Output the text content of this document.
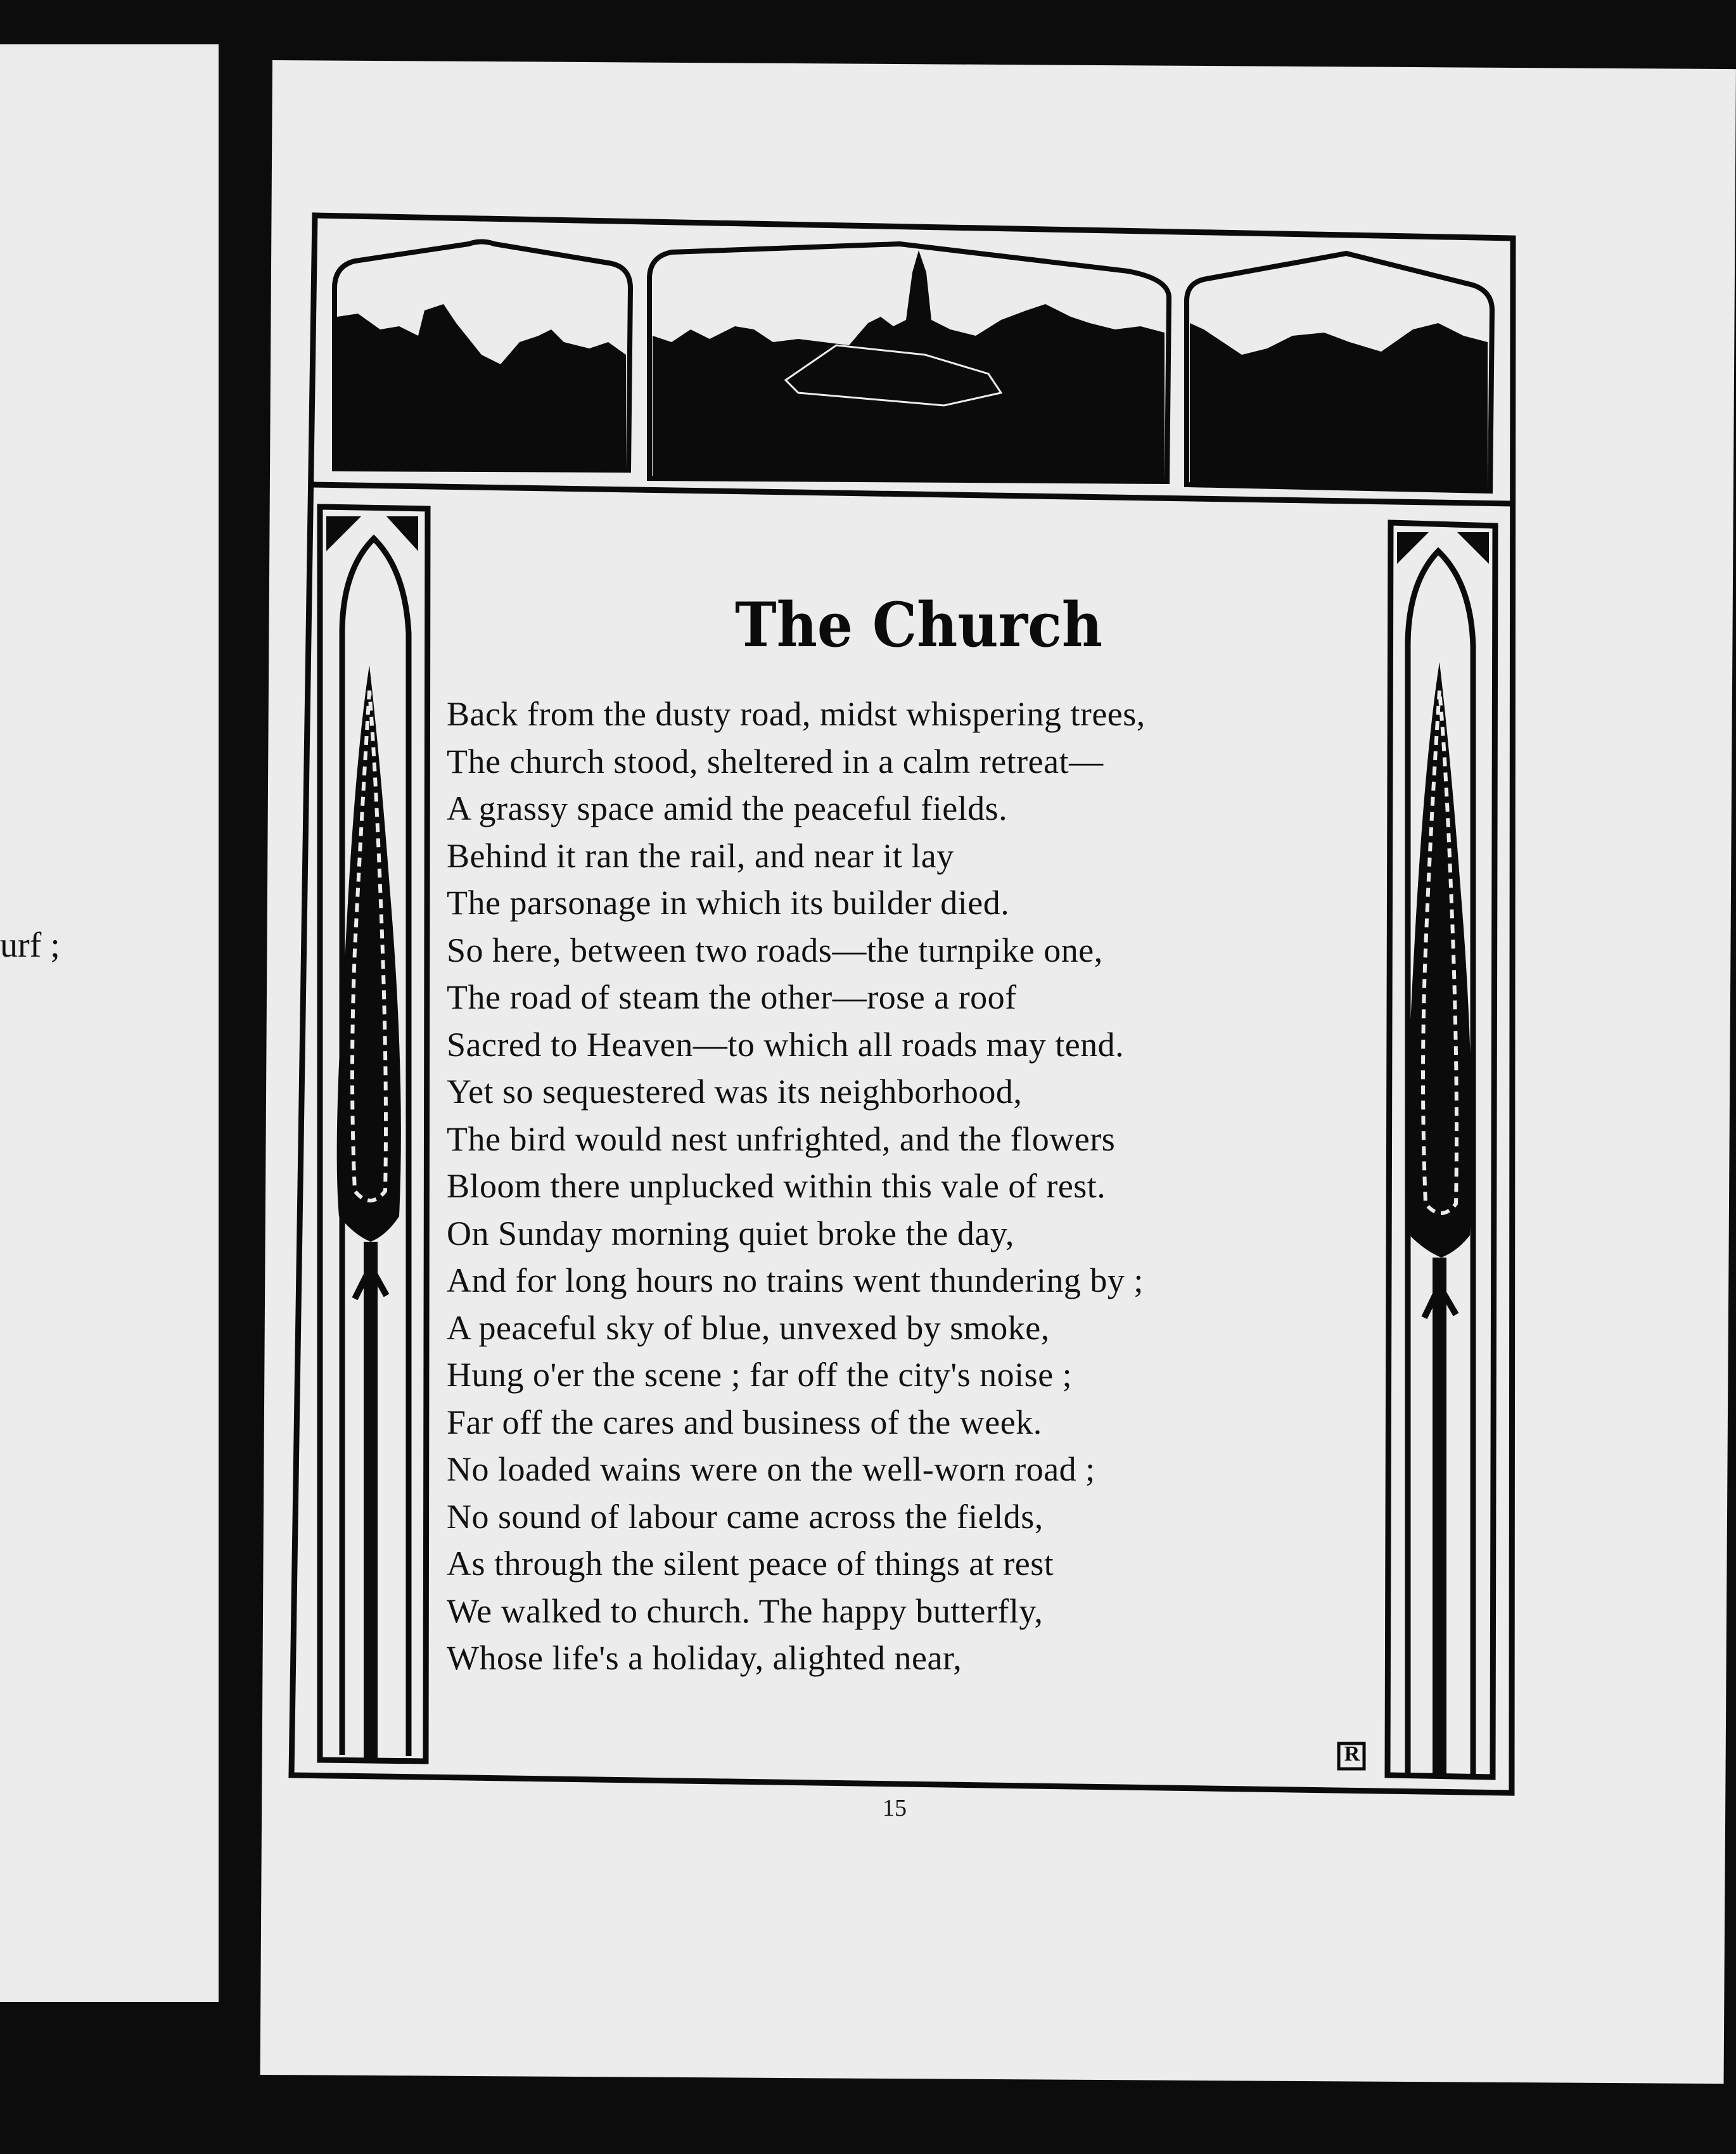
urf ;
R
The Church
Back from the dusty road, midst whispering trees,
The church stood, sheltered in a calm retreat—
A grassy space amid the peaceful fields.
Behind it ran the rail, and near it lay
The parsonage in which its builder died.
So here, between two roads—the turnpike one,
The road of steam the other—rose a roof
Sacred to Heaven—to which all roads may tend.
Yet so sequestered was its neighborhood,
The bird would nest unfrighted, and the flowers
Bloom there unplucked within this vale of rest.
On Sunday morning quiet broke the day,
And for long hours no trains went thundering by ;
A peaceful sky of blue, unvexed by smoke,
Hung o'er the scene ; far off the city's noise ;
Far off the cares and business of the week.
No loaded wains were on the well-worn road ;
No sound of labour came across the fields,
As through the silent peace of things at rest
We walked to church. The happy butterfly,
Whose life's a holiday, alighted near,
15
